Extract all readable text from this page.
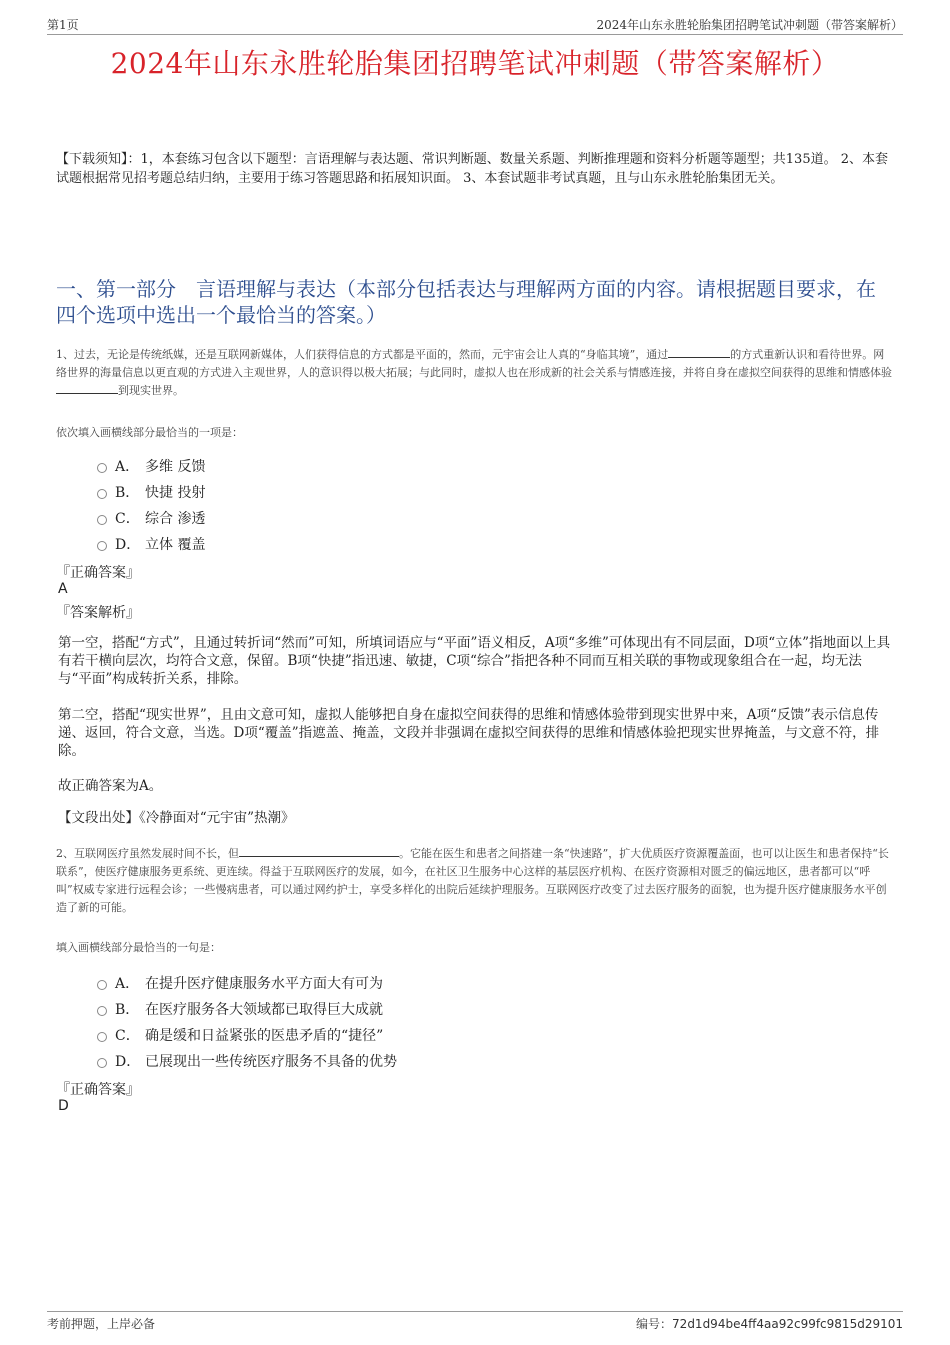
第1页	2024年山东永胜轮胎集团招聘笔试冲刺题（带答案解析）
2024年山东永胜轮胎集团招聘笔试冲刺题（带答案解析）
【下载须知】：1，本套练习包含以下题型：言语理解与表达题、常识判断题、数量关系题、判断推理题和资料分析题等题型；共135道。 2、本套试题根据常见招考题总结归纳，主要用于练习答题思路和拓展知识面。 3、本套试题非考试真题，且与山东永胜轮胎集团无关。
一、第一部分　言语理解与表达（本部分包括表达与理解两方面的内容。请根据题目要求，在四个选项中选出一个最恰当的答案。）
1、过去，无论是传统纸媒，还是互联网新媒体，人们获得信息的方式都是平面的，然而，元宇宙会让人真的“身临其境”，通过	的方式重新认识和看待世界。网络世界的海量信息以更直观的方式进入主观世界，人的意识得以极大拓展；与此同时，虚拟人也在形成新的社会关系与情感连接，并将自身在虚拟空间获得的思维和情感体验到现实世界。
依次填入画横线部分最恰当的一项是：
A． 多维 反馈
B． 快捷 投射
C． 综合 渗透
D． 立体 覆盖
『正确答案』
A
『答案解析』
第一空，搭配“方式”，且通过转折词“然而”可知，所填词语应与“平面”语义相反，A项“多维”可体现出有不同层面，D项“立体”指地面以上具有若干横向层次，均符合文意，保留。B项“快捷”指迅速、敏捷，C项“综合”指把各种不同而互相关联的事物或现象组合在一起，均无法与“平面”构成转折关系，排除。
第二空，搭配“现实世界”，且由文意可知，虚拟人能够把自身在虚拟空间获得的思维和情感体验带到现实世界中来，A项“反馈”表示信息传递、返回，符合文意，当选。D项“覆盖”指遮盖、掩盖，文段并非强调在虚拟空间获得的思维和情感体验把现实世界掩盖，与文意不符，排除。
故正确答案为A。
【文段出处】《冷静面对“元宇宙”热潮》
2、互联网医疗虽然发展时间不长，但	。它能在医生和患者之间搭建一条“快速路”，扩大优质医疗资源覆盖面，也可以让医生和患者保持“长联系”，使医疗健康服务更系统、更连续。得益于互联网医疗的发展，如今，在社区卫生服务中心这样的基层医疗机构、在医疗资源相对匮乏的偏远地区，患者都可以“呼叫”权威专家进行远程会诊；一些慢病患者，可以通过网约护士，享受多样化的出院后延续护理服务。互联网医疗改变了过去医疗服务的面貌，也为提升医疗健康服务水平创造了新的可能。
填入画横线部分最恰当的一句是：
A． 在提升医疗健康服务水平方面大有可为
B． 在医疗服务各大领域都已取得巨大成就
C． 确是缓和日益紧张的医患矛盾的“捷径”
D． 已展现出一些传统医疗服务不具备的优势
『正确答案』
D
考前押题，上岸必备	编号：72d1d94be4ff4aa92c99fc9815d29101
